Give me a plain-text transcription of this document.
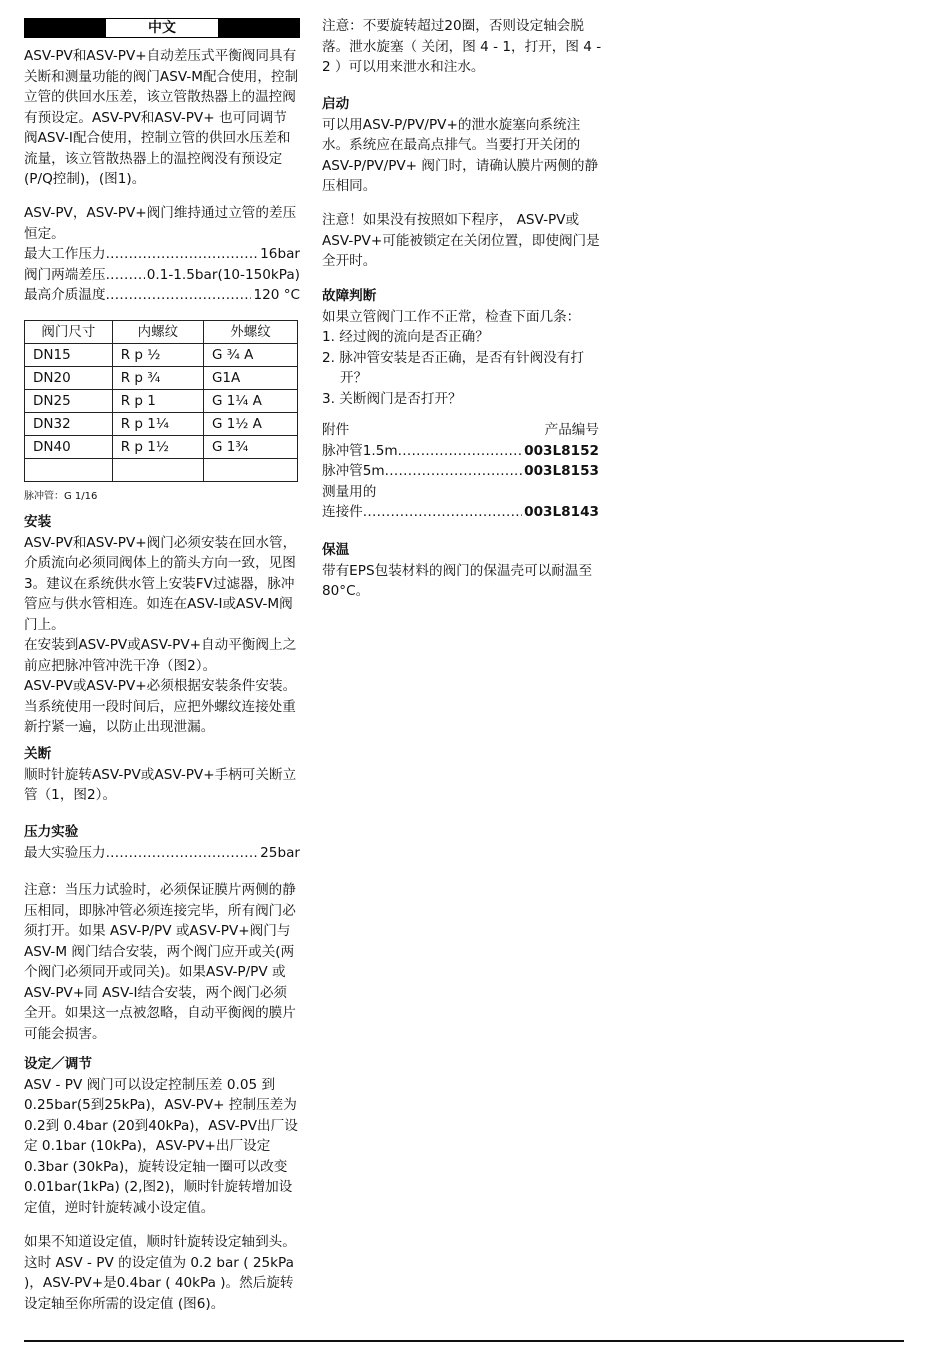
中文

ASV-PV和ASV-PV+自动差压式平衡阀同具有关断和测量功能的阀门ASV-M配合使用，控制立管的供回水压差，该立管散热器上的温控阀有预设定。ASV-PV和ASV-PV+ 也可同调节阀ASV-I配合使用，控制立管的供回水压差和流量，该立管散热器上的温控阀没有预设定(P/Q控制)，(图1)。

ASV-PV，ASV-PV+阀门维持通过立管的差压恒定。

最大工作压力 .....	16bar
阀门两端差压 .....	0.1-1.5bar(10-150kPa)
最高介质温度 .....	120 °C
阀门尺寸	内螺纹	外螺纹
DN15	R p ½	G ¾ A
DN20	R p ¾	G1A
DN25	R p 1	G 1¼ A
DN32	R p 1¼	G 1½ A
DN40	R p 1½	G 1¾

脉冲管：G 1/16

安装

ASV-PV和ASV-PV+阀门必须安装在回水管，介质流向必须同阀体上的箭头方向一致，见图3。建议在系统供水管上安装FV过滤器，脉冲管应与供水管相连。如连在ASV-I或ASV-M阀门上。

在安装到ASV-PV或ASV-PV+自动平衡阀上之前应把脉冲管冲洗干净（图2）。

ASV-PV或ASV-PV+必须根据安装条件安装。当系统使用一段时间后，应把外螺纹连接处重新拧紧一遍，以防止出现泄漏。

关断

顺时针旋转ASV-PV或ASV-PV+手柄可关断立管（1，图2）。

压力实验

最大实验压力 .....	25bar

注意：当压力试验时，必须保证膜片两侧的静压相同，即脉冲管必须连接完毕，所有阀门必须打开。如果 ASV-P/PV 或ASV-PV+阀门与 ASV-M 阀门结合安装，两个阀门应开或关(两个阀门必须同开或同关)。如果ASV-P/PV 或ASV-PV+同 ASV-I结合安装，两个阀门必须全开。如果这一点被忽略，自动平衡阀的膜片可能会损害。

设定／调节

ASV - PV 阀门可以设定控制压差 0.05 到0.25bar(5到25kPa)，ASV-PV+ 控制压差为0.2到 0.4bar (20到40kPa)，ASV-PV出厂设定 0.1bar (10kPa)，ASV-PV+出厂设定 0.3bar (30kPa)，旋转设定轴一圈可以改变 0.01bar(1kPa) (2,图2)，顺时针旋转增加设定值，逆时针旋转减小设定值。

如果不知道设定值，顺时针旋转设定轴到头。这时 ASV - PV 的设定值为 0.2 bar ( 25kPa )，ASV-PV+是0.4bar ( 40kPa )。然后旋转设定轴至你所需的设定值 (图6)。

注意：不要旋转超过20圈，否则设定轴会脱落。泄水旋塞（ 关闭，图 4 - 1，打开，图 4 - 2 ）可以用来泄水和注水。

启动

可以用ASV-P/PV/PV+的泄水旋塞向系统注水。系统应在最高点排气。当要打开关闭的 ASV-P/PV/PV+ 阀门时，请确认膜片两侧的静压相同。

注意！如果没有按照如下程序， ASV-PV或ASV-PV+可能被锁定在关闭位置，即使阀门是全开时。

故障判断

如果立管阀门工作不正常，检查下面几条：

1. 经过阀的流向是否正确？

2. 脉冲管安装是否正确，是否有针阀没有打开？

3. 关断阀门是否打开？

附件	产品编号
脉冲管1.5m .....	003L8152
脉冲管5m .....	003L8153

测量用的

连接件 .....	003L8143

保温

带有EPS包装材料的阀门的保温壳可以耐温至80°C。
